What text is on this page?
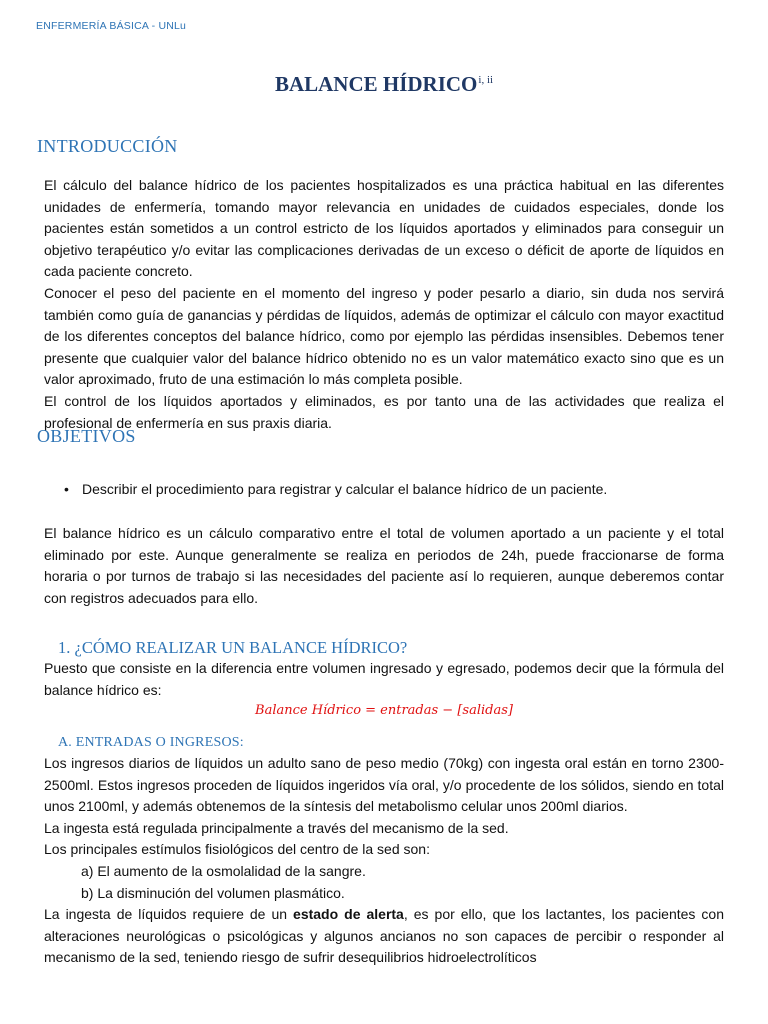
ENFERMERÍA BÁSICA - UNLu
BALANCE $HÍDRICO^{i, ii}$
INTRODUCCIÓN

El cálculo del balance hídrico de los pacientes hospitalizados es una práctica habitual en las diferentes unidades de enfermería, tomando mayor relevancia en unidades de cuidados especiales, donde los pacientes están sometidos a un control estricto de los líquidos aportados y eliminados para conseguir un objetivo terapéutico y/o evitar las complicaciones derivadas de un exceso o déficit de aporte de líquidos en cada paciente concreto.

Conocer el peso del paciente en el momento del ingreso y poder pesarlo a diario, sin duda nos servirá también como guía de ganancias y pérdidas de líquidos, además de optimizar el cálculo con mayor exactitud de los diferentes conceptos del balance hídrico, como por ejemplo las pérdidas insensibles. Debemos tener presente que cualquier valor del balance hídrico obtenido no es un valor matemático exacto sino que es un valor aproximado, fruto de una estimación lo más completa posible.

El control de los líquidos aportados y eliminados, es por tanto una de las actividades que realiza el profesional de enfermería en sus praxis diaria.

OBJETIVOS
• Describir el procedimiento para registrar y calcular el balance hídrico de un paciente.

El balance hídrico es un cálculo comparativo entre el total de volumen aportado a un paciente y el total eliminado por este. Aunque generalmente se realiza en periodos de 24h, puede fraccionarse de forma horaria o por turnos de trabajo si las necesidades del paciente así lo requieren, aunque deberemos contar con registros adecuados para ello.

1. ¿CÓMO REALIZAR UN BALANCE HÍDRICO?

Puesto que consiste en la diferencia entre volumen ingresado y egresado, podemos decir que la fórmula del balance hídrico es:

Balance Hídrico = entradas − [salidas]
A. ENTRADAS O INGRESOS:

Los ingresos diarios de líquidos un adulto sano de peso medio (70kg) con ingesta oral están en torno 2300-2500ml. Estos ingresos proceden de líquidos ingeridos vía oral, y/o procedente de los sólidos, siendo en total unos 2100ml, y además obtenemos de la síntesis del metabolismo celular unos 200ml diarios.

La ingesta está regulada principalmente a través del mecanismo de la sed.

Los principales estímulos fisiológicos del centro de la sed son:

a) El aumento de la osmolalidad de la sangre.

b) La disminución del volumen plasmático.

La ingesta de líquidos requiere de un estado de alerta, es por ello, que los lactantes, los pacientes con alteraciones neurológicas o psicológicas y algunos ancianos no son capaces de percibir o responder al mecanismo de la sed, teniendo riesgo de sufrir desequilibrios hidroelectrolíticos
